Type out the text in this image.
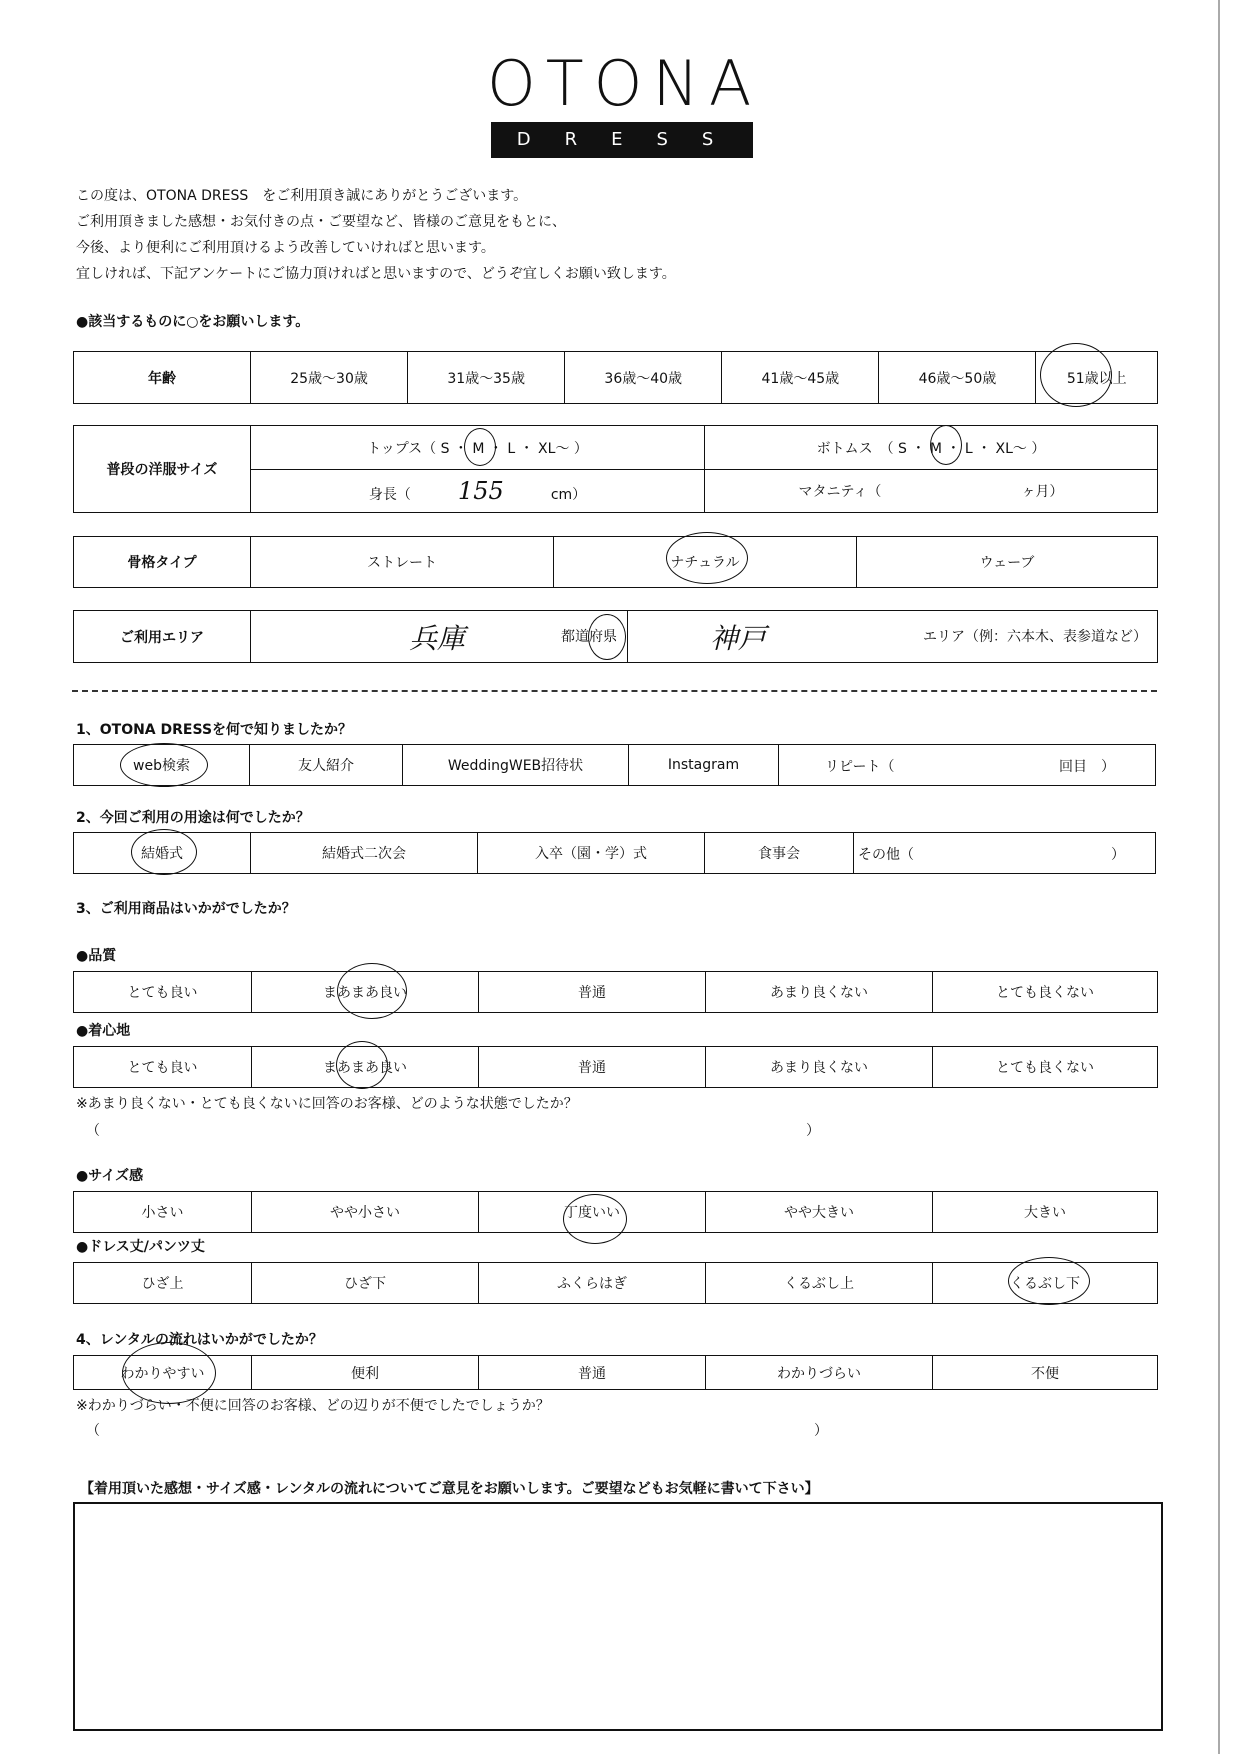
OTONA
DRESS
この度は、OTONA DRESS　をご利用頂き誠にありがとうございます。
ご利用頂きました感想・お気付きの点・ご要望など、皆様のご意見をもとに、
今後、より便利にご利用頂けるよう改善していければと思います。
宜しければ、下記アンケートにご協力頂ければと思いますので、どうぞ宜しくお願い致します。
●該当するものに○をお願いします。
年齢	25歳～30歳	31歳～35歳	36歳～40歳	41歳～45歳	46歳～50歳	51歳以上
普段の洋服サイズ	トップス（ S ・ M ・ L ・ XL～ ）	ボトムス　（ S ・ M ・ L ・ XL～ ）
	身長（ 155 cm）	マタニティ（ ヶ月）
骨格タイプ	ストレート	ナチュラル	ウェーブ
ご利用エリア	兵庫	都道府県	神戸	エリア（例：六本木、表参道など）
1、OTONA DRESSを何で知りましたか？
web検索	友人紹介	WeddingWEB招待状	Instagram	リピート（	回目　）
2、今回ご利用の用途は何でしたか？
結婚式	結婚式二次会	入卒（園・学）式	食事会	その他（	）
3、ご利用商品はいかがでしたか？
●品質
とても良い	まあまあ良い	普通	あまり良くない	とても良くない
●着心地
とても良い	まあまあ良い	普通	あまり良くない	とても良くない
※あまり良くない・とても良くないに回答のお客様、どのような状態でしたか？
（	）
●サイズ感
小さい	やや小さい	丁度いい	やや大きい	大きい
●ドレス丈/パンツ丈
ひざ上	ひざ下	ふくらはぎ	くるぶし上	くるぶし下
4、レンタルの流れはいかがでしたか？
わかりやすい	便利	普通	わかりづらい	不便
※わかりづらい・不便に回答のお客様、どの辺りが不便でしたでしょうか？
（	）
【着用頂いた感想・サイズ感・レンタルの流れについてご意見をお願いします。ご要望などもお気軽に書いて下さい】
